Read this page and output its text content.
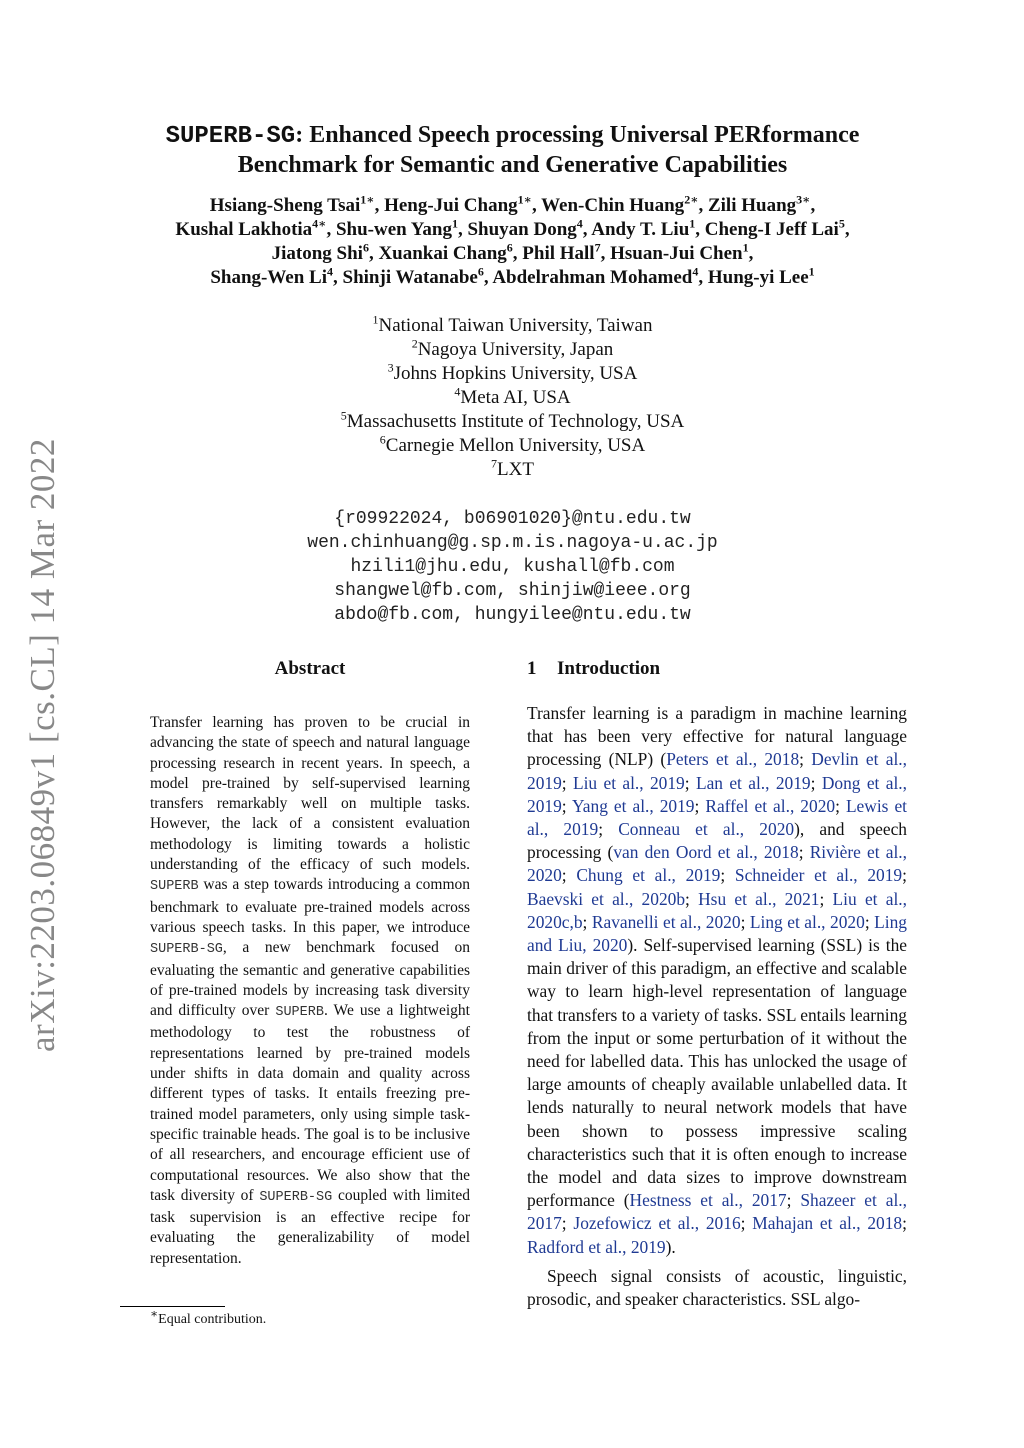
arXiv:2203.06849v1 [cs.CL] 14 Mar 2022
SUPERB-SG: Enhanced Speech processing Universal PERformance
Benchmark for Semantic and Generative Capabilities
Hsiang-Sheng Tsai$^{1∗}$, Heng-Jui Chang$^{1∗}$, Wen-Chin Huang$^{2∗}$, Zili Huang$^{3∗}$,
Kushal Lakhotia$^{4∗}$, Shu-wen Yang$^1$, Shuyan Dong$^4$, Andy T. Liu$^1$, Cheng-I Jeff Lai$^5$,
Jiatong Shi$^6$, Xuankai Chang$^6$, Phil Hall$^7$, Hsuan-Jui Chen$^1$,
Shang-Wen Li$^4$, Shinji Watanabe$^6$, Abdelrahman Mohamed$^4$, Hung-yi Lee$^1$
$^1$National Taiwan University, Taiwan
$^2$Nagoya University, Japan
$^3$Johns Hopkins University, USA
$^4$Meta AI, USA
$^5$Massachusetts Institute of Technology, USA
$^6$Carnegie Mellon University, USA
$^7$LXT
{r09922024, b06901020}@ntu.edu.tw
wen.chinhuang@g.sp.m.is.nagoya-u.ac.jp
hzili1@jhu.edu, kushall@fb.com
shangwel@fb.com, shinjiw@ieee.org
abdo@fb.com, hungyilee@ntu.edu.tw
Abstract
Transfer learning has proven to be crucial in advancing the state of speech and natural language processing research in recent years. In speech, a model pre-trained by self-supervised learning transfers remarkably well on multiple tasks. However, the lack of a consistent evaluation methodology is limiting towards a holistic understanding of the efficacy of such models. SUPERB was a step towards introducing a common benchmark to evaluate pre-trained models across various speech tasks. In this paper, we introduce SUPERB-SG, a new benchmark focused on evaluating the semantic and generative capabilities of pre-trained models by increasing task diversity and difficulty over SUPERB. We use a lightweight methodology to test the robustness of representations learned by pre-trained models under shifts in data domain and quality across different types of tasks. It entails freezing pre-trained model parameters, only using simple task-specific trainable heads. The goal is to be inclusive of all researchers, and encourage efficient use of computational resources. We also show that the task diversity of SUPERB-SG coupled with limited task supervision is an effective recipe for evaluating the generalizability of model representation.
∗Equal contribution.
1 Introduction

Transfer learning is a paradigm in machine learning that has been very effective for natural language processing (NLP) (Peters et al., 2018; Devlin et al., 2019; Liu et al., 2019; Lan et al., 2019; Dong et al., 2019; Yang et al., 2019; Raffel et al., 2020; Lewis et al., 2019; Conneau et al., 2020), and speech processing (van den Oord et al., 2018; Rivière et al., 2020; Chung et al., 2019; Schneider et al., 2019; Baevski et al., 2020b; Hsu et al., 2021; Liu et al., 2020c,b; Ravanelli et al., 2020; Ling et al., 2020; Ling and Liu, 2020). Self-supervised learning (SSL) is the main driver of this paradigm, an effective and scalable way to learn high-level representation of language that transfers to a variety of tasks. SSL entails learning from the input or some perturbation of it without the need for labelled data. This has unlocked the usage of large amounts of cheaply available unlabelled data. It lends naturally to neural network models that have been shown to possess impressive scaling characteristics such that it is often enough to increase the model and data sizes to improve downstream performance (Hestness et al., 2017; Shazeer et al., 2017; Jozefowicz et al., 2016; Mahajan et al., 2018; Radford et al., 2019).

Speech signal consists of acoustic, linguistic, prosodic, and speaker characteristics. SSL algo-
